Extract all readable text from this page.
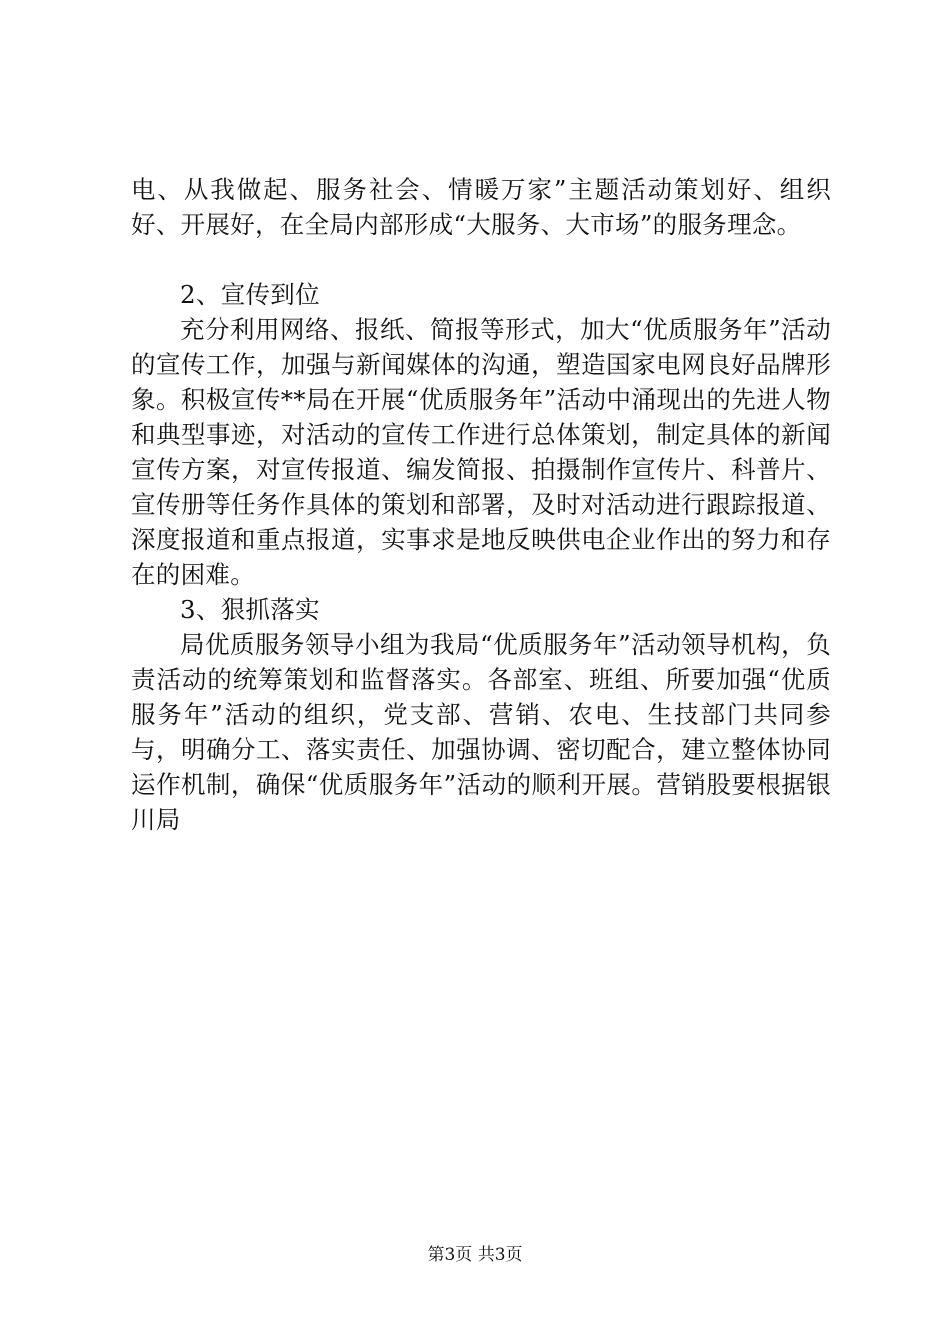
电、从我做起、服务社会、情暖万家”主题活动策划好、组织好、开展好，在全局内部形成“大服务、大市场”的服务理念。

2、宣传到位

充分利用网络、报纸、简报等形式，加大“优质服务年”活动的宣传工作，加强与新闻媒体的沟通，塑造国家电网良好品牌形象。积极宣传**局在开展“优质服务年”活动中涌现出的先进人物和典型事迹，对活动的宣传工作进行总体策划，制定具体的新闻宣传方案，对宣传报道、编发简报、拍摄制作宣传片、科普片、宣传册等任务作具体的策划和部署，及时对活动进行跟踪报道、深度报道和重点报道，实事求是地反映供电企业作出的努力和存在的困难。

3、狠抓落实

局优质服务领导小组为我局“优质服务年”活动领导机构，负责活动的统筹策划和监督落实。各部室、班组、所要加强“优质服务年”活动的组织，党支部、营销、农电、生技部门共同参与，明确分工、落实责任、加强协调、密切配合，建立整体协同运作机制，确保“优质服务年”活动的顺利开展。营销股要根据银川局

第3页 共3页
